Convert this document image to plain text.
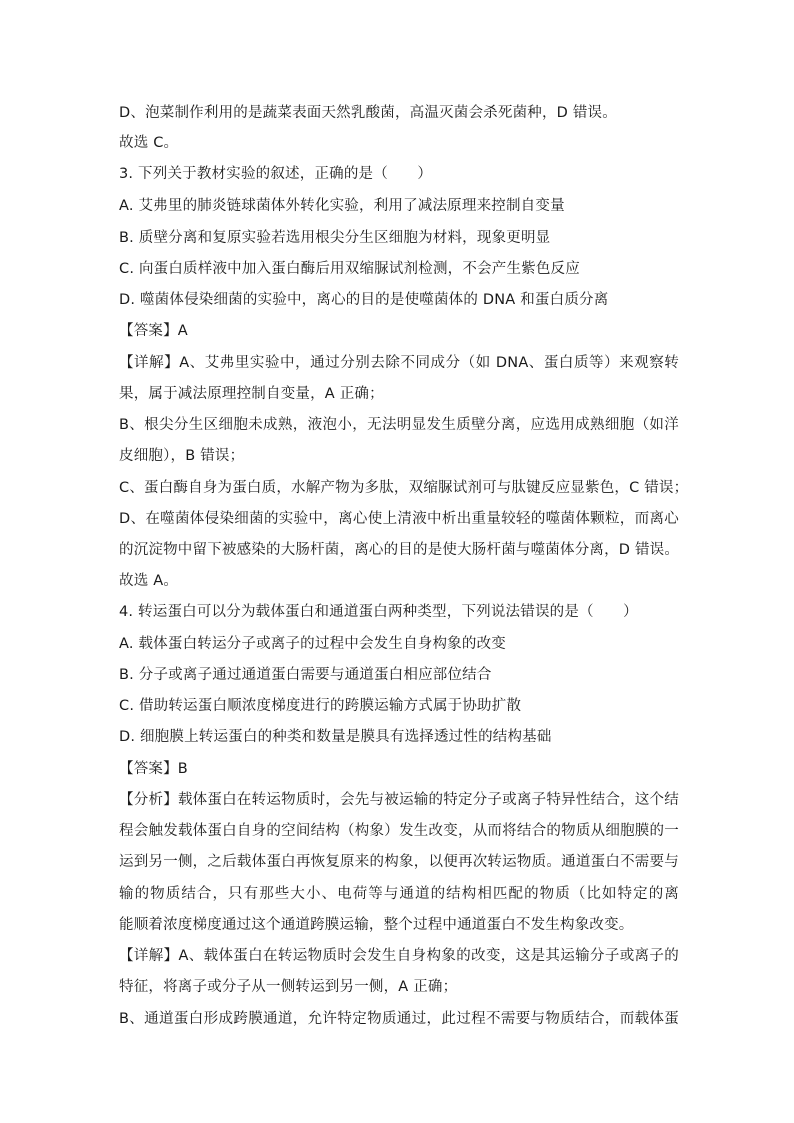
D、泡菜制作利用的是蔬菜表面天然乳酸菌，高温灭菌会杀死菌种，D 错误。
故选 C。
3. 下列关于教材实验的叙述，正确的是（　　）
A. 艾弗里的肺炎链球菌体外转化实验，利用了减法原理来控制自变量
B. 质壁分离和复原实验若选用根尖分生区细胞为材料，现象更明显
C. 向蛋白质样液中加入蛋白酶后用双缩脲试剂检测，不会产生紫色反应
D. 噬菌体侵染细菌的实验中，离心的目的是使噬菌体的 DNA 和蛋白质分离
【答案】A
【详解】A、艾弗里实验中，通过分别去除不同成分（如 DNA、蛋白质等）来观察转
果，属于减法原理控制自变量，A 正确；
B、根尖分生区细胞未成熟，液泡小，无法明显发生质壁分离，应选用成熟细胞（如洋
皮细胞），B 错误；
C、蛋白酶自身为蛋白质，水解产物为多肽，双缩脲试剂可与肽键反应显紫色，C 错误；
D、在噬菌体侵染细菌的实验中，离心使上清液中析出重量较轻的噬菌体颗粒，而离心
的沉淀物中留下被感染的大肠杆菌，离心的目的是使大肠杆菌与噬菌体分离，D 错误。
故选 A。
4. 转运蛋白可以分为载体蛋白和通道蛋白两种类型，下列说法错误的是（　　）
A. 载体蛋白转运分子或离子的过程中会发生自身构象的改变
B. 分子或离子通过通道蛋白需要与通道蛋白相应部位结合
C. 借助转运蛋白顺浓度梯度进行的跨膜运输方式属于协助扩散
D. 细胞膜上转运蛋白的种类和数量是膜具有选择透过性的结构基础
【答案】B
【分析】载体蛋白在转运物质时，会先与被运输的特定分子或离子特异性结合，这个结
程会触发载体蛋白自身的空间结构（构象）发生改变，从而将结合的物质从细胞膜的一
运到另一侧，之后载体蛋白再恢复原来的构象，以便再次转运物质。通道蛋白不需要与
输的物质结合，只有那些大小、电荷等与通道的结构相匹配的物质（比如特定的离
能顺着浓度梯度通过这个通道跨膜运输，整个过程中通道蛋白不发生构象改变。
【详解】A、载体蛋白在转运物质时会发生自身构象的改变，这是其运输分子或离子的
特征，将离子或分子从一侧转运到另一侧，A 正确；
B、通道蛋白形成跨膜通道，允许特定物质通过，此过程不需要与物质结合，而载体蛋
